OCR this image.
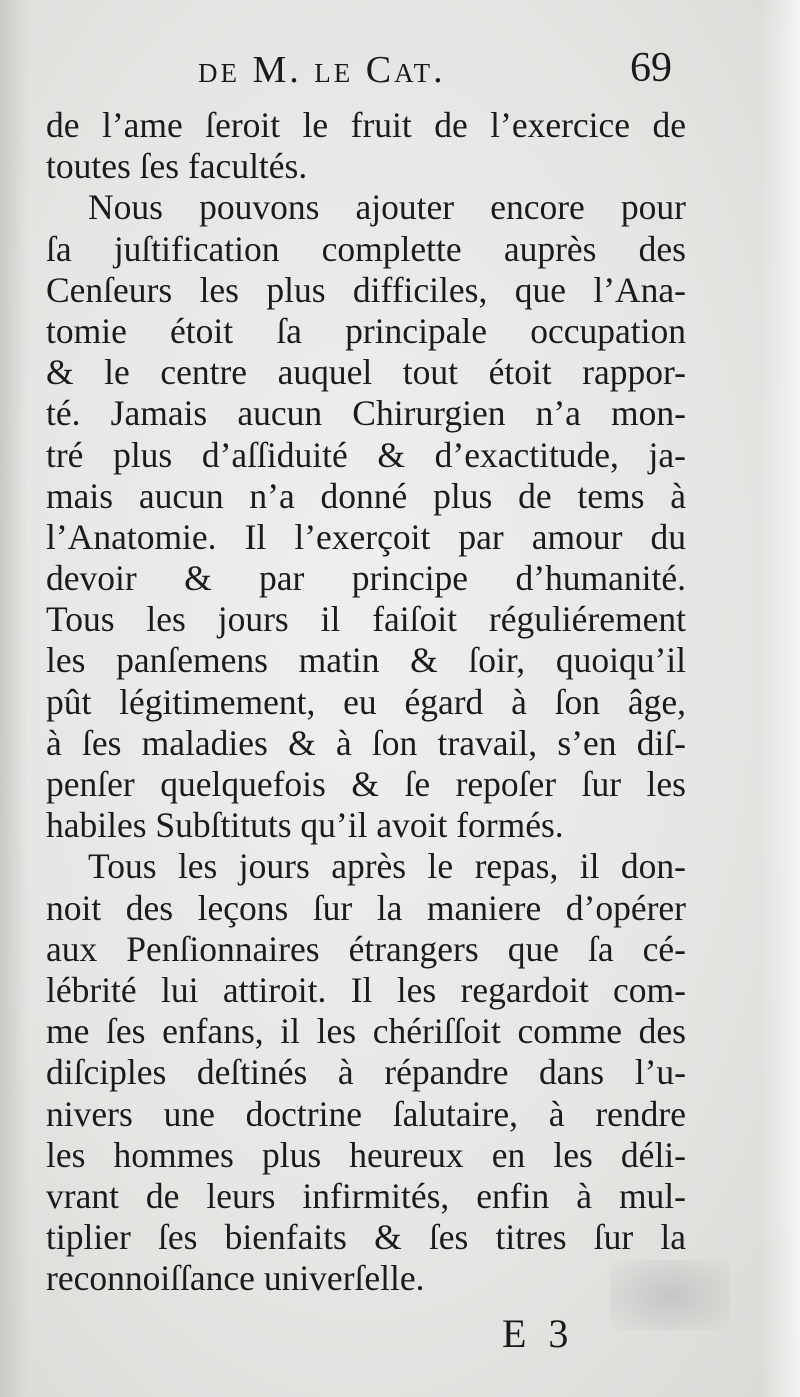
de M. le Cat.	69
de l’ame ſeroit le fruit de l’exercice de
toutes ſes facultés.
Nous pouvons ajouter encore pour
ſa juſtification complette auprès des
Cenſeurs les plus difficiles, que l’Ana-
tomie étoit ſa principale occupation
& le centre auquel tout étoit rappor-
té. Jamais aucun Chirurgien n’a mon-
tré plus d’aſſiduité & d’exactitude, ja-
mais aucun n’a donné plus de tems à
l’Anatomie. Il l’exerçoit par amour du
devoir & par principe d’humanité.
Tous les jours il faiſoit réguliérement
les panſemens matin & ſoir, quoiqu’il
pût légitimement, eu égard à ſon âge,
à ſes maladies & à ſon travail, s’en diſ-
penſer quelquefois & ſe repoſer ſur les
habiles Subſtituts qu’il avoit formés.
Tous les jours après le repas, il don-
noit des leçons ſur la maniere d’opérer
aux Penſionnaires étrangers que ſa cé-
lébrité lui attiroit. Il les regardoit com-
me ſes enfans, il les chériſſoit comme des
diſciples deſtinés à répandre dans l’u-
nivers une doctrine ſalutaire, à rendre
les hommes plus heureux en les déli-
vrant de leurs infirmités, enfin à mul-
tiplier ſes bienfaits & ſes titres ſur la
reconnoiſſance univerſelle.
E 3
